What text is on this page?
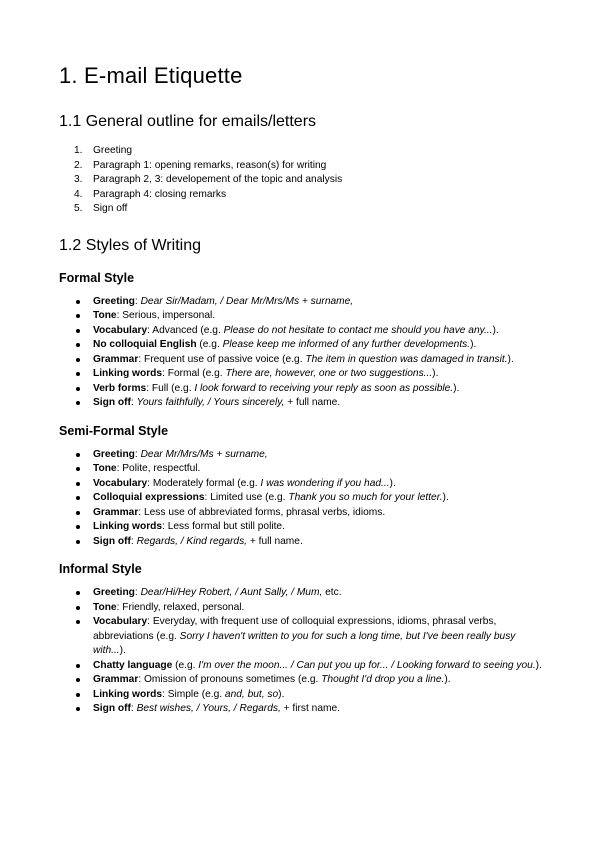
1. E-mail Etiquette
1.1 General outline for emails/letters
1. Greeting
2. Paragraph 1: opening remarks, reason(s) for writing
3. Paragraph 2, 3: developement of the topic and analysis
4. Paragraph 4: closing remarks
5. Sign off
1.2 Styles of Writing
Formal Style
Greeting: Dear Sir/Madam, / Dear Mr/Mrs/Ms + surname,
Tone: Serious, impersonal.
Vocabulary: Advanced (e.g. Please do not hesitate to contact me should you have any...).
No colloquial English (e.g. Please keep me informed of any further developments.).
Grammar: Frequent use of passive voice (e.g. The item in question was damaged in transit.).
Linking words: Formal (e.g. There are, however, one or two suggestions...).
Verb forms: Full (e.g. I look forward to receiving your reply as soon as possible.).
Sign off: Yours faithfully, / Yours sincerely, + full name.
Semi-Formal Style
Greeting: Dear Mr/Mrs/Ms + surname,
Tone: Polite, respectful.
Vocabulary: Moderately formal (e.g. I was wondering if you had...).
Colloquial expressions: Limited use (e.g. Thank you so much for your letter.).
Grammar: Less use of abbreviated forms, phrasal verbs, idioms.
Linking words: Less formal but still polite.
Sign off: Regards, / Kind regards, + full name.
Informal Style
Greeting: Dear/Hi/Hey Robert, / Aunt Sally, / Mum, etc.
Tone: Friendly, relaxed, personal.
Vocabulary: Everyday, with frequent use of colloquial expressions, idioms, phrasal verbs, abbreviations (e.g. Sorry I haven't written to you for such a long time, but I've been really busy with...).
Chatty language (e.g. I'm over the moon... / Can put you up for... / Looking forward to seeing you.).
Grammar: Omission of pronouns sometimes (e.g. Thought I'd drop you a line.).
Linking words: Simple (e.g. and, but, so).
Sign off: Best wishes, / Yours, / Regards, + first name.
